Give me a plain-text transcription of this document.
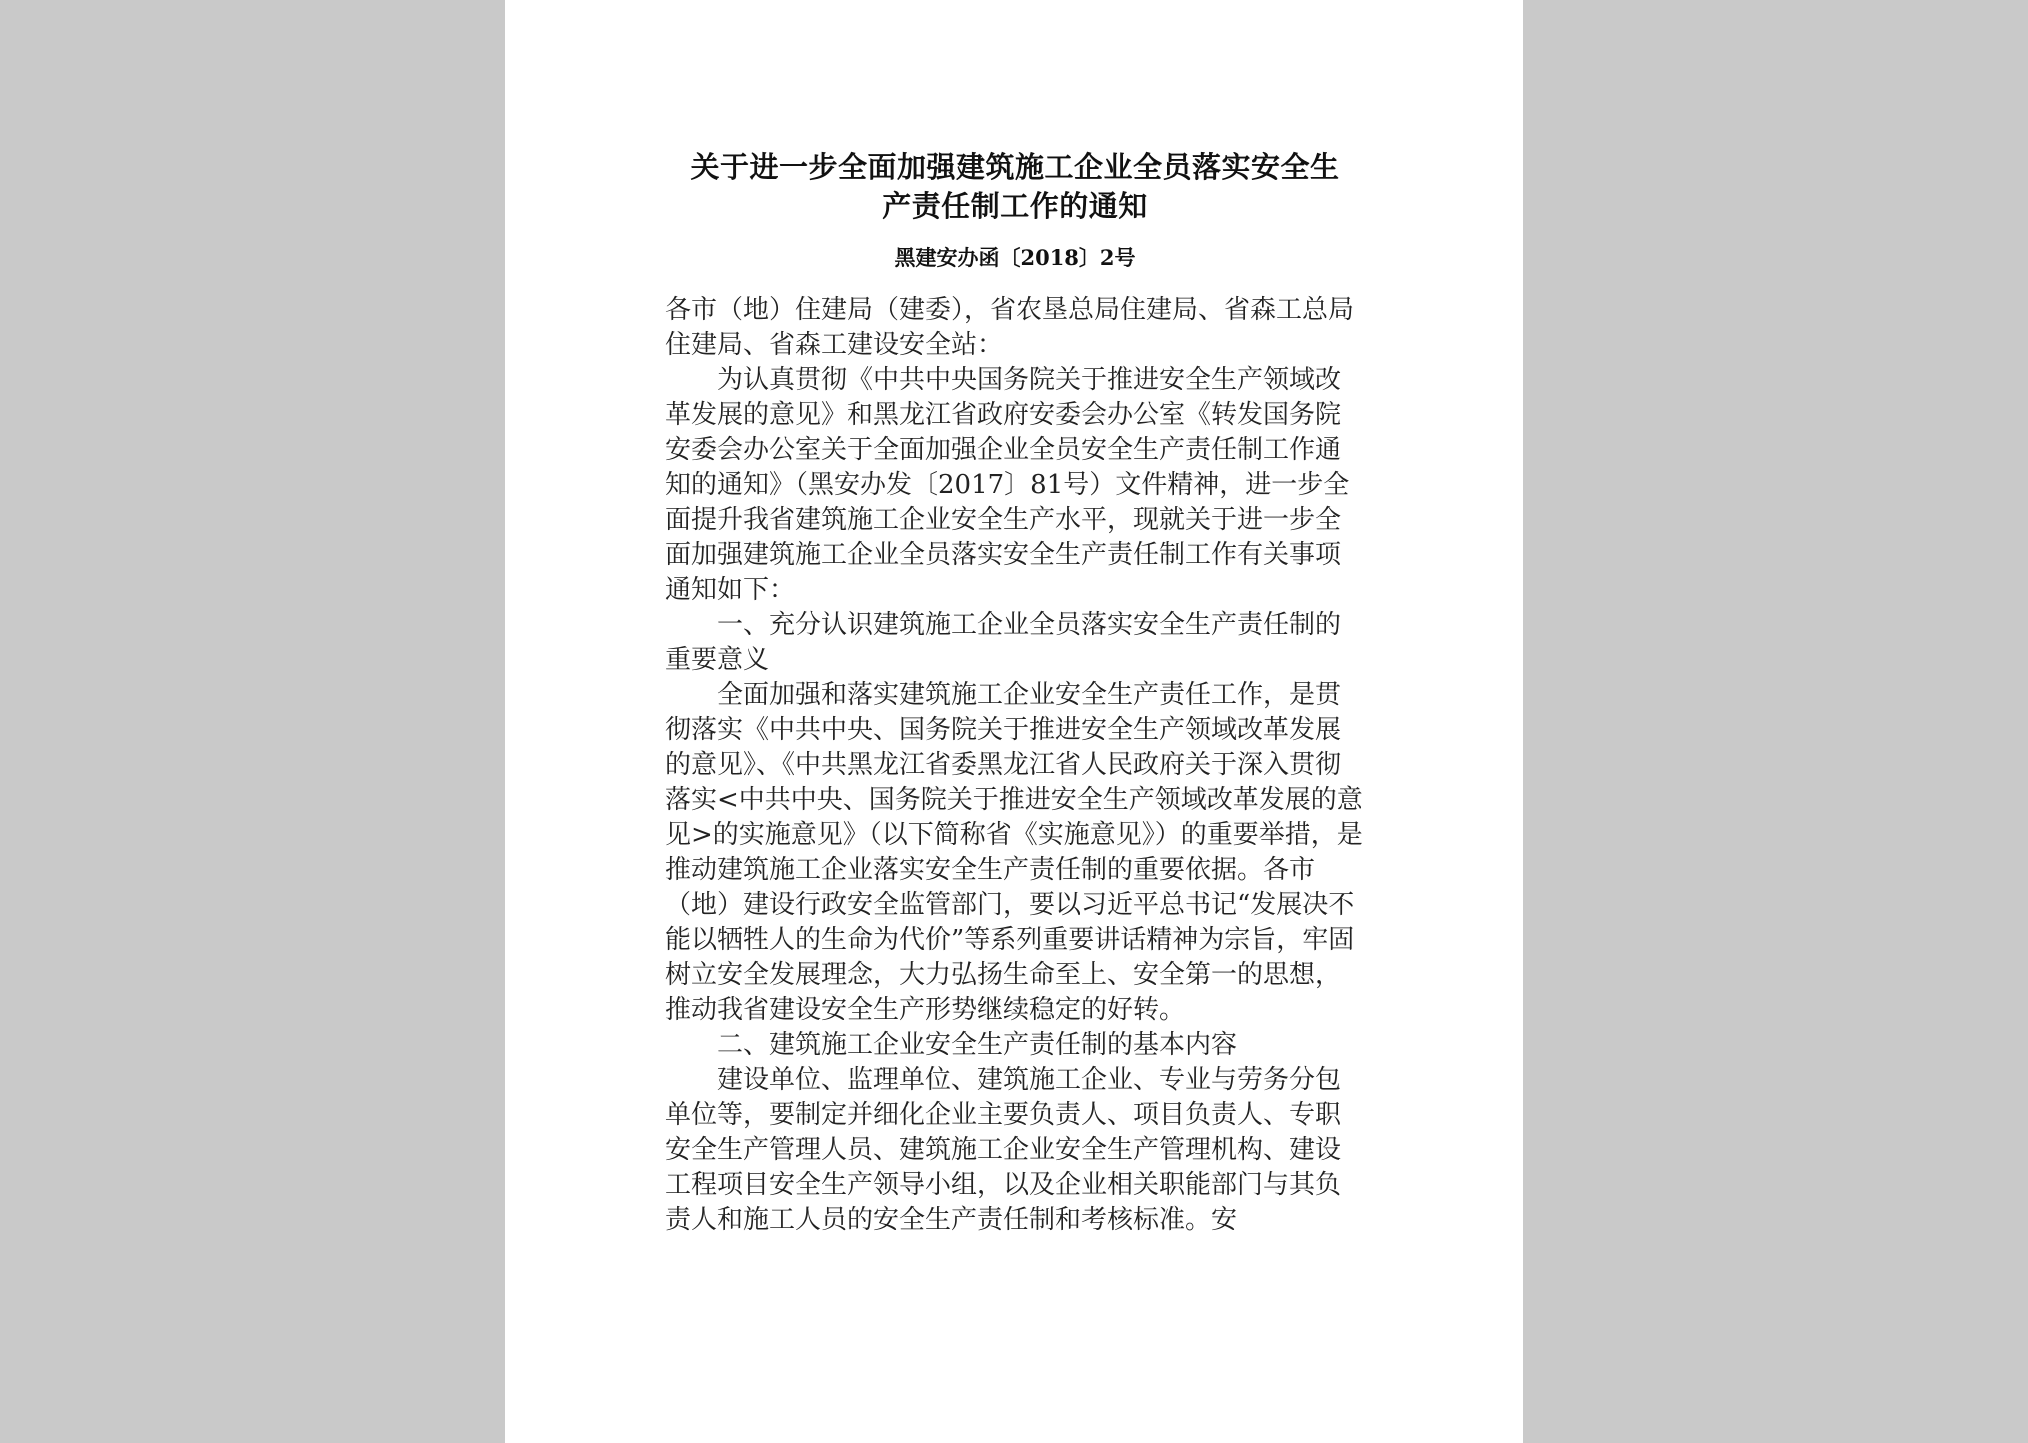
关于进一步全面加强建筑施工企业全员落实安全生
产责任制工作的通知
黑建安办函〔2018〕2号

各市（地）住建局（建委），省农垦总局住建局、省森工总局住建局、省森工建设安全站：

为认真贯彻《中共中央国务院关于推进安全生产领域改革发展的意见》和黑龙江省政府安委会办公室《转发国务院安委会办公室关于全面加强企业全员安全生产责任制工作通知的通知》（黑安办发〔2017〕81号）文件精神，进一步全面提升我省建筑施工企业安全生产水平，现就关于进一步全面加强建筑施工企业全员落实安全生产责任制工作有关事项通知如下：

一、充分认识建筑施工企业全员落实安全生产责任制的重要意义

全面加强和落实建筑施工企业安全生产责任工作，是贯彻落实《中共中央、国务院关于推进安全生产领域改革发展的意见》、《中共黑龙江省委黑龙江省人民政府关于深入贯彻落实<中共中央、国务院关于推进安全生产领域改革发展的意见>的实施意见》（以下简称省《实施意见》）的重要举措，是推动建筑施工企业落实安全生产责任制的重要依据。各市（地）建设行政安全监管部门，要以习近平总书记“发展决不能以牺牲人的生命为代价”等系列重要讲话精神为宗旨，牢固树立安全发展理念，大力弘扬生命至上、安全第一的思想，推动我省建设安全生产形势继续稳定的好转。

二、建筑施工企业安全生产责任制的基本内容

建设单位、监理单位、建筑施工企业、专业与劳务分包单位等，要制定并细化企业主要负责人、项目负责人、专职安全生产管理人员、建筑施工企业安全生产管理机构、建设工程项目安全生产领导小组，以及企业相关职能部门与其负责人和施工人员的安全生产责任制和考核标准。安
